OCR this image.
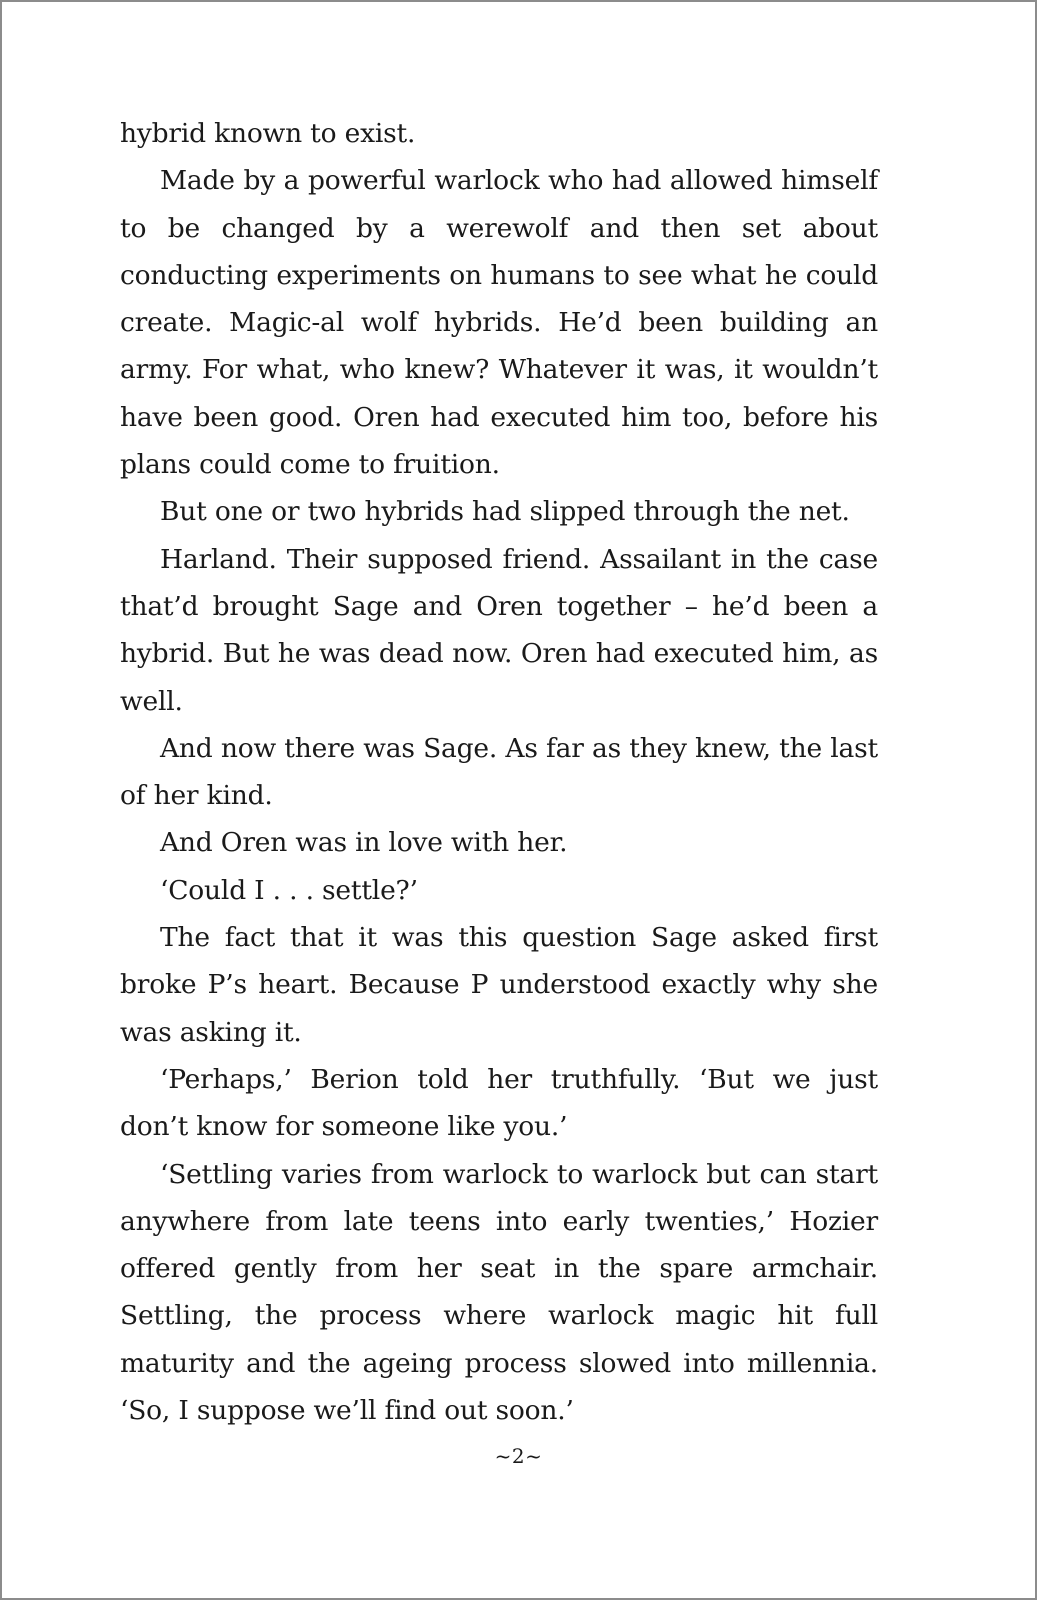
hybrid known to exist.

Made by a powerful warlock who had allowed himself to be changed by a werewolf and then set about conducting experiments on humans to see what he could create. Magic-al wolf hybrids. He’d been building an army. For what, who knew? Whatever it was, it wouldn’t have been good. Oren had executed him too, before his plans could come to fruition.

But one or two hybrids had slipped through the net.

Harland. Their supposed friend. Assailant in the case that’d brought Sage and Oren together – he’d been a hybrid. But he was dead now. Oren had executed him, as well.

And now there was Sage. As far as they knew, the last of her kind.

And Oren was in love with her.

‘Could I . . . settle?’

The fact that it was this question Sage asked first broke P’s heart. Because P understood exactly why she was asking it.

‘Perhaps,’ Berion told her truthfully. ‘But we just don’t know for someone like you.’

‘Settling varies from warlock to warlock but can start anywhere from late teens into early twenties,’ Hozier offered gently from her seat in the spare armchair. Settling, the process where warlock magic hit full maturity and the ageing process slowed into millennia. ‘So, I suppose we’ll find out soon.’

~2~
